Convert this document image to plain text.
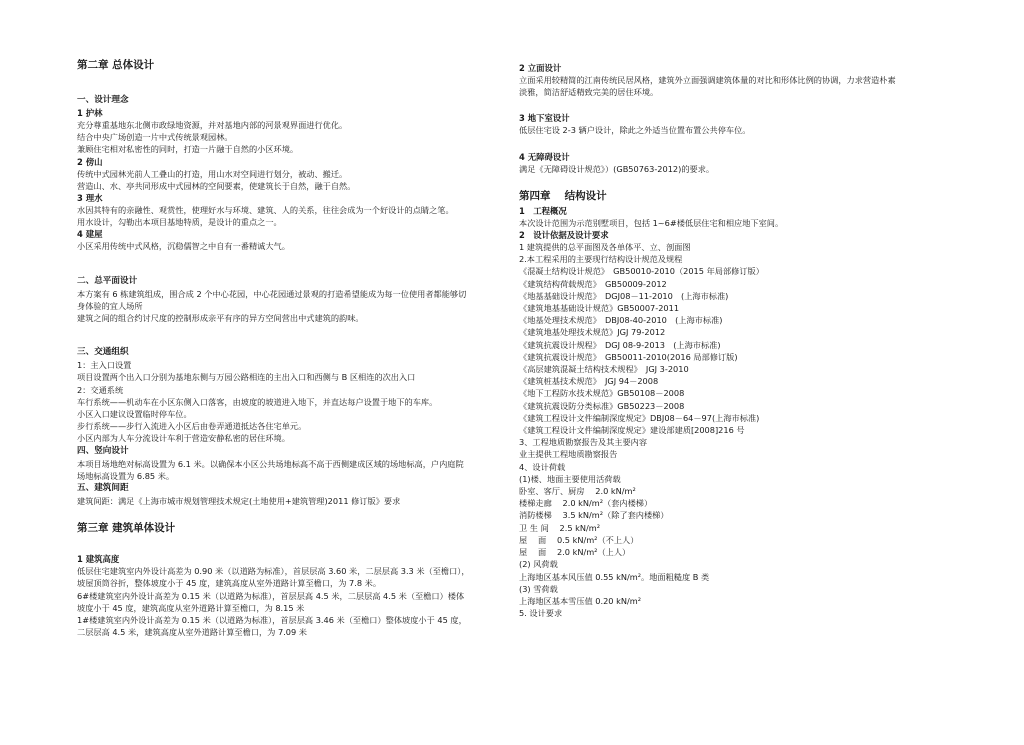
第二章 总体设计
一、设计理念
1 护林
充分尊重基地东北侧市政绿地资源，并对基地内部的河景观界面进行优化。
结合中央广场创造一片中式传统景观园林。
兼顾住宅相对私密性的同时，打造一片融于自然的小区环境。
2 傍山
传统中式园林光前人工叠山的打造，用山水对空间进行划分，被动、搬迁。
营造山、水、亭共同形成中式园林的空间要素，使建筑长于自然，融于自然。
3 理水
水因其特有的亲融性、观赏性，使理好水与环境、建筑、人的关系，往往会成为一个好设计的点睛之笔。
用水设计，勾勒出本项目基地特质，是设计的重点之一。
4 建屋
小区采用传统中式风格，沉稳儒智之中自有一番精诚大气。
二、总平面设计
本方案有 6 栋建筑组成，围合成 2 个中心花园，中心花园通过景观的打造希望能成为每一位使用者都能够切
身体验的宜人场所
建筑之间的组合约讨尺度的控制形成亲平有序的异方空间营出中式建筑的韵味。
三、交通组织
1：主入口设置
项目设置两个出入口分别为基地东侧与万园公路相连的主出入口和西侧与 B 区相连的次出入口
2：交通系统
车行系统——机动车在小区东侧入口落客，由坡度的坡道进入地下，并直达每户设置于地下的车库。
小区入口建议设置临时停车位。
步行系统——步行入流进入小区后由卷弄通道抵达各住宅单元。
小区内部为人车分流设计车利于营造安静私密的居住环境。
四、竖向设计
本项目场地绝对标高设置为 6.1 米。以确保本小区公共场地标高不高于西侧建成区域的场地标高，户内庭院
场地标高设置为 6.85 米。
五、建筑间距
建筑间距：满足《上海市城市规划管理技术规定(土地使用+建筑管理)2011 修订版》要求
第三章 建筑单体设计
1 建筑高度
低层住宅建筑室内外设计高差为 0.90 米（以道路为标准），首层层高 3.60 米，二层层高 3.3 米（至檐口），
坡屋顶筒谷折，整体坡度小于 45 度，建筑高度从室外道路计算至檐口，为 7.8 米。
6#楼建筑室内外设计高差为 0.15 米（以道路为标准），首层层高 4.5 米，二层层高 4.5 米（至檐口）楼体
坡度小于 45 度，建筑高度从室外道路计算至檐口，为 8.15 米
1#楼建筑室内外设计高差为 0.15 米（以道路为标准），首层层高 3.46 米（至檐口）整体坡度小于 45 度，
二层层高 4.5 米，建筑高度从室外道路计算至檐口，为 7.09 米
2 立面设计
立面采用较精简的江南传统民居风格，建筑外立面强调建筑体量的对比和形体比例的协调，力求营造朴素
淡雅，简洁舒适精致完美的居住环境。
3 地下室设计
低层住宅设 2-3 辆户设计，除此之外适当位置布置公共停车位。
4 无障碍设计
满足《无障碍设计规范》）(GB50763-2012)的要求。
第四章　 结构设计
1　工程概况
本次设计范围为示范别墅项目，包括 1~6#楼低层住宅和相应地下室间。
2　设计依据及设计要求
1 建筑提供的总平面图及各单体平、立、剖面图
2.本工程采用的主要现行结构设计规范及规程
《混凝土结构设计规范》　GB50010-2010（2015 年局部修订版）
《建筑结构荷载规范》　GB50009-2012
《地基基础设计规范》　DGJ08－11-2010　(上海市标准)
《建筑地基基础设计规范》GB50007-2011
《地基处理技术规范》　DBJ08-40-2010　(上海市标准)
《建筑地基处理技术规范》JGJ 79-2012
《建筑抗震设计规程》　DGJ 08-9-2013　(上海市标准)
《建筑抗震设计规范》　GB50011-2010(2016 局部修订版)
《高层建筑混凝土结构技术规程》　JGJ 3-2010
《建筑桩基技术规范》　JGJ 94－2008
《地下工程防水技术规范》GB50108－2008
《建筑抗震设防分类标准》GB50223－2008
《建筑工程设计文件编制深度规定》DBJ08－64－97(上海市标准)
《建筑工程设计文件编制深度规定》建设部建质[2008]216 号
3、工程地质勘察报告及其主要内容
业主提供工程地质勘察报告
4、设计荷载
(1)楼、地面主要使用活荷载
卧室、客厅、厨房　 2.0 kN/m²
楼梯走廊　 2.0 kN/m²（套内楼梯）
消防楼梯　 3.5 kN/m²（除了套内楼梯）
卫 生 间　 2.5 kN/m²
屋　 面　 0.5 kN/m²（不上人）
屋　 面　 2.0 kN/m²（上人）
(2) 风荷载
上海地区基本风压值 0.55 kN/m²。地面粗糙度 B 类
(3) 雪荷载
上海地区基本雪压值 0.20 kN/m²
5. 设计要求
